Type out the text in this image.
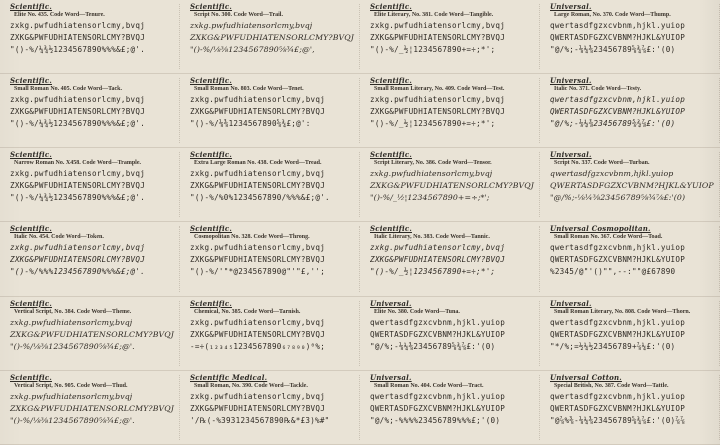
Scientific.
Elite No. 435. Code Word—Tenure.
zxkg.pwfudhiatensorlcmy,bvqj
ZXKG&PWFUDHIATENSORLCMY?BVQJ
"()-%/¼¾½1234567890%%%&£;@'.
Scientific.
Script No. 300. Code Word—Trail.
zxkg.pwfudhiatensorlcmy,bvqj
ZXKG&PWFUDHIATENSORLCMY?BVQJ
"()-%/⅛⅜1234567890⅝¾£;@',
Scientific.
Elite Literary, No. 381. Code Word—Tangible.
zxkg.pwfudhiatensorlcmy,bvqj
ZXKG&PWFUDHIATENSORLCMY?BVQJ
"()-%/_½¦1234567890+=÷;*';
Universal.
Large Roman, No. 370. Code Word—Thump.
qwertasdfgzxcvbnm,hjkl.yuiop
QWERTASDFGZXCVBNM?HJKL&YUIOP
"@/%;-⅛¼⅜23456789⅝¾⅞£:'(0)
Scientific.
Small Roman No. 405. Code Word—Tack.
zxkg.pwfudhiatensorlcmy,bvqj
ZXKG&PWFUDHIATENSORLCMY?BVQJ
"()-%/¼¾½1234567890%%%&£;@'.
Scientific.
Small Roman No. 803. Code Word—Tenet.
zxkg.pwfudhiatensorlcmy,bvqj
ZXKG&PWFUDHIATENSORLCMY?BVQJ
"()-%/⅛⅜1234567890⅝¾£;@':
Scientific.
Small Roman Literary, No. 409. Code Word—Test.
zxkg.pwfudhiatensorlcmy,bvqj
ZXKG&PWFUDHIATENSORLCMY?BVQJ
"()-%/_½¦1234567890+=÷;*';
Universal.
Italic No. 371. Code Word—Testy.
qwertasdfgzxcvbnm,hjkl.yuiop
QWERTASDFGZXCVBNM?HJKL&YUIOP
"@/%;-⅛¼⅜23456789⅝¾⅞£:'(0)
Scientific.
Narrow Roman No. X458. Code Word—Trample.
zxkg.pwfudhiatensorlcmy,bvqj
ZXKG&PWFUDHIATENSORLCMY?BVQJ
"()-%/¼¾½1234567890%%%&£;@'.
Scientific.
Extra Large Roman No. 438. Code Word—Tread.
zxkg.pwfudhiatensorlcmy,bvqj
ZXKG&PWFUDHIATENSORLCMY?BVQJ
"()-%/%0%1234567890/%%%&£;@'.
Scientific.
Script Literary, No. 386. Code Word—Tensor.
zxkg.pwfudhiatensorlcmy,bvqj
ZXKG&PWFUDHIATENSORLCMY?BVQJ
"()-%/_½¦1234567890+=÷;*';
Universal.
Script No. 337. Code Word—Turban.
qwertasdfgzxcvbnm,hjkl.yuiop
QWERTASDFGZXCVBNM?HJKL&YUIOP
"@/%;-⅛¼⅜23456789⅝¾⅞£:'(0)
Scientific.
Italic No. 454. Code Word—Token.
zxkg.pwfudhiatensorlcmy,bvqj
ZXKG&PWFUDHIATENSORLCMY?BVQJ
"()-%/%%%1234567890%%%&£;@'.
Scientific.
Cosmopolitan No. 328. Code Word—Throng.
zxkg.pwfudhiatensorlcmy,bvqj
ZXKG&PWFUDHIATENSORLCMY?BVQJ
"()-%/'"*@234567890@"'"£,'';
Scientific.
Italic Literary, No. 383. Code Word—Tannic.
zxkg.pwfudhiatensorlcmy,bvqj
ZXKG&PWFUDHIATENSORLCMY?BVQJ
"()-%/_½¦1234567890+=÷;*';
Universal Cosmopolitan.
Small Roman No. 367. Code Word—Toad.
qwertasdfgzxcvbnm,hjkl.yuiop
QWERTASDFGZXCVBNM?HJKL&YUIOP
%2345/@"'()"",--:""@£67890
Scientific.
Vertical Script, No. 384. Code Word—Theme.
zxkg.pwfudhiatensorlcmy,bvqj
ZXKG&PWFUDHIATENSORLCMY?BVQJ
"()-%/⅛⅜1234567890⅝¾£;@'.
Scientific.
Chemical, No. 385. Code Word—Tarnish.
zxkg.pwfudhiatensorlcmy,bvqj
ZXKG&PWFUDHIATENSORLCMY?BVQJ
-=÷(₁₂₃₄₅1234567890₆₇₈₉₀)⁰%;
Universal.
Elite No. 380. Code Word—Tuna.
qwertasdfgzxcvbnm,hjkl.yuiop
QWERTASDFGZXCVBNM?HJKL&YUIOP
"@/%;-⅛¼⅜23456789⅝¾⅞£:'(0)
Universal.
Small Roman Literary, No. 808. Code Word—Thorn.
qwertasdfgzxcvbnm,hjkl.yuiop
QWERTASDFGZXCVBNM?HJKL&YUIOP
"*/%;=½¼½23456789+⅞¼£:'(0)
Scientific.
Vertical Script, No. 905. Code Word—Thud.
zxkg.pwfudhiatensorlcmy,bvqj
ZXKG&PWFUDHIATENSORLCMY?BVQJ
"()-%/⅛⅜1234567890⅝¾£;@'.
Scientific Medical.
Small Roman, No. 390. Code Word—Tackle.
zxkg.pwfudhiatensorlcmy,bvqj
ZXKG&PWFUDHIATENSORLCMY?BVQJ
'/℞(-%3931234567890℞&*£3)%#"
Universal.
Small Roman No. 404. Code Word—Tract.
qwertasdfgzxcvbnm,hjkl.yuiop
QWERTASDFGZXCVBNM?HJKL&YUIOP
"@/%;-%%%%23456789%%%£;'(0)
Universal Cotton.
Special British, No. 387. Code Word—Tattle.
qwertasdfgzxcvbnm,hjkl.yuiop
QWERTASDFGZXCVBNM?HJKL&YUIOP
"@⅞%⅜-⅛¼⅜23456789⅝¾⅞£:'(0)⅞⅞
